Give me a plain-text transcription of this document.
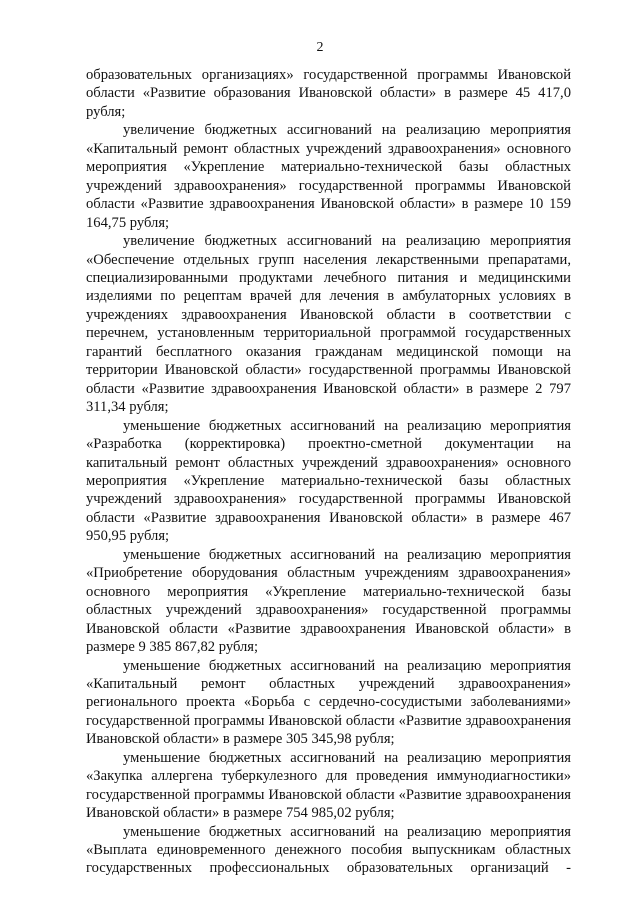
2

образовательных организациях» государственной программы Ивановской области «Развитие образования Ивановской области» в размере 45 417,0 рубля;

увеличение бюджетных ассигнований на реализацию мероприятия «Капитальный ремонт областных учреждений здравоохранения» основного мероприятия «Укрепление материально-технической базы областных учреждений здравоохранения» государственной программы Ивановской области «Развитие здравоохранения Ивановской области» в размере 10 159 164,75 рубля;

увеличение бюджетных ассигнований на реализацию мероприятия «Обеспечение отдельных групп населения лекарственными препаратами, специализированными продуктами лечебного питания и медицинскими изделиями по рецептам врачей для лечения в амбулаторных условиях в учреждениях здравоохранения Ивановской области в соответствии с перечнем, установленным территориальной программой государственных гарантий бесплатного оказания гражданам медицинской помощи на территории Ивановской области» государственной программы Ивановской области «Развитие здравоохранения Ивановской области» в размере 2 797 311,34 рубля;

уменьшение бюджетных ассигнований на реализацию мероприятия «Разработка (корректировка) проектно-сметной документации на капитальный ремонт областных учреждений здравоохранения» основного мероприятия «Укрепление материально-технической базы областных учреждений здравоохранения» государственной программы Ивановской области «Развитие здравоохранения Ивановской области» в размере 467 950,95 рубля;

уменьшение бюджетных ассигнований на реализацию мероприятия «Приобретение оборудования областным учреждениям здравоохранения» основного мероприятия «Укрепление материально-технической базы областных учреждений здравоохранения» государственной программы Ивановской области «Развитие здравоохранения Ивановской области» в размере 9 385 867,82 рубля;

уменьшение бюджетных ассигнований на реализацию мероприятия «Капитальный ремонт областных учреждений здравоохранения» регионального проекта «Борьба с сердечно-сосудистыми заболеваниями» государственной программы Ивановской области «Развитие здравоохранения Ивановской области» в размере 305 345,98 рубля;

уменьшение бюджетных ассигнований на реализацию мероприятия «Закупка аллергена туберкулезного для проведения иммунодиагностики» государственной программы Ивановской области «Развитие здравоохранения Ивановской области» в размере 754 985,02 рубля;

уменьшение бюджетных ассигнований на реализацию мероприятия «Выплата единовременного денежного пособия выпускникам областных государственных профессиональных образовательных организаций -
